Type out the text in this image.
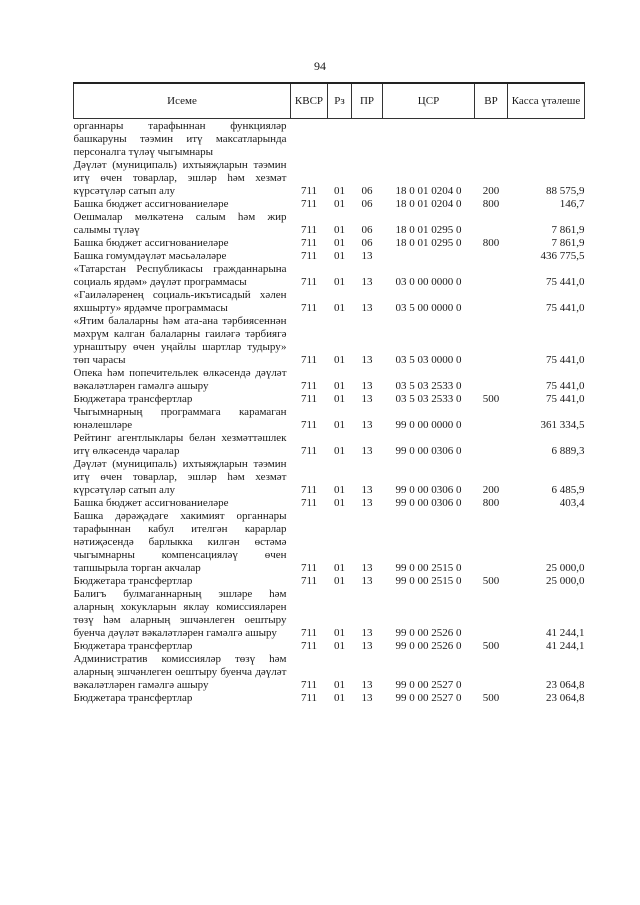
94
Исеме	КВСР	Рз	ПР	ЦСР	ВР	Касса үтәлеше
органнары тарафыннан функцияләр башкаруны тәэмин итү максатларында персоналга түләү чыгымнары						
Дәүләт (муниципаль) ихтыяҗларын тәэмин итү өчен товарлар, эшләр һәм хезмәт күрсәтүләр сатып алу	711	01	06	18 0 01 0204 0	200	88 575,9
Башка бюджет ассигнованиеләре	711	01	06	18 0 01 0204 0	800	146,7
Оешмалар мөлкәтенә салым һәм жир салымы түләү	711	01	06	18 0 01 0295 0		7 861,9
Башка бюджет ассигнованиеләре	711	01	06	18 0 01 0295 0	800	7 861,9
Башка гомумдәүләт мәсьәләләре	711	01	13			436 775,5
«Татарстан Республикасы гражданнарына социаль ярдәм» дәүләт программасы	711	01	13	03 0 00 0000 0		75 441,0
«Гаиләләренең социаль-икътисадый хәлен яхшырту» ярдәмче программасы	711	01	13	03 5 00 0000 0		75 441,0
«Ятим балаларны һәм ата-ана тәрбиясеннән мәхрүм калган балаларны гаиләгә тәрбиягә урнаштыру өчен уңайлы шартлар тудыру» төп чарасы	711	01	13	03 5 03 0000 0		75 441,0
Опека һәм попечительлек өлкәсендә дәүләт вәкаләтләрен гамәлгә ашыру	711	01	13	03 5 03 2533 0		75 441,0
Бюджетара трансфертлар	711	01	13	03 5 03 2533 0	500	75 441,0
Чыгымнарның программага карамаган юнәлешләре	711	01	13	99 0 00 0000 0		361 334,5
Рейтинг агентлыклары белән хезмәттәшлек итү өлкәсендә чаралар	711	01	13	99 0 00 0306 0		6 889,3
Дәүләт (муниципаль) ихтыяҗларын тәэмин итү өчен товарлар, эшләр һәм хезмәт күрсәтүләр сатып алу	711	01	13	99 0 00 0306 0	200	6 485,9
Башка бюджет ассигнованиеләре	711	01	13	99 0 00 0306 0	800	403,4
Башка дәрәҗәдәге хакимият органнары тарафыннан кабул ителгән карарлар нәтиҗәсендә барлыкка килгән өстәмә чыгымнарны компенсацияләү өчен тапшырыла торган акчалар	711	01	13	99 0 00 2515 0		25 000,0
Бюджетара трансфертлар	711	01	13	99 0 00 2515 0	500	25 000,0
Балигъ булмаганнарның эшләре һәм аларның хокукларын яклау комиссияләрен төзү һәм аларның эшчәнлеген оештыру буенча дәүләт вәкаләтләрен гамәлгә ашыру	711	01	13	99 0 00 2526 0		41 244,1
Бюджетара трансфертлар	711	01	13	99 0 00 2526 0	500	41 244,1
Административ комиссияләр төзү һәм аларның эшчәнлеген оештыру буенча дәүләт вәкаләтләрен гамәлгә ашыру	711	01	13	99 0 00 2527 0		23 064,8
Бюджетара трансфертлар	711	01	13	99 0 00 2527 0	500	23 064,8
